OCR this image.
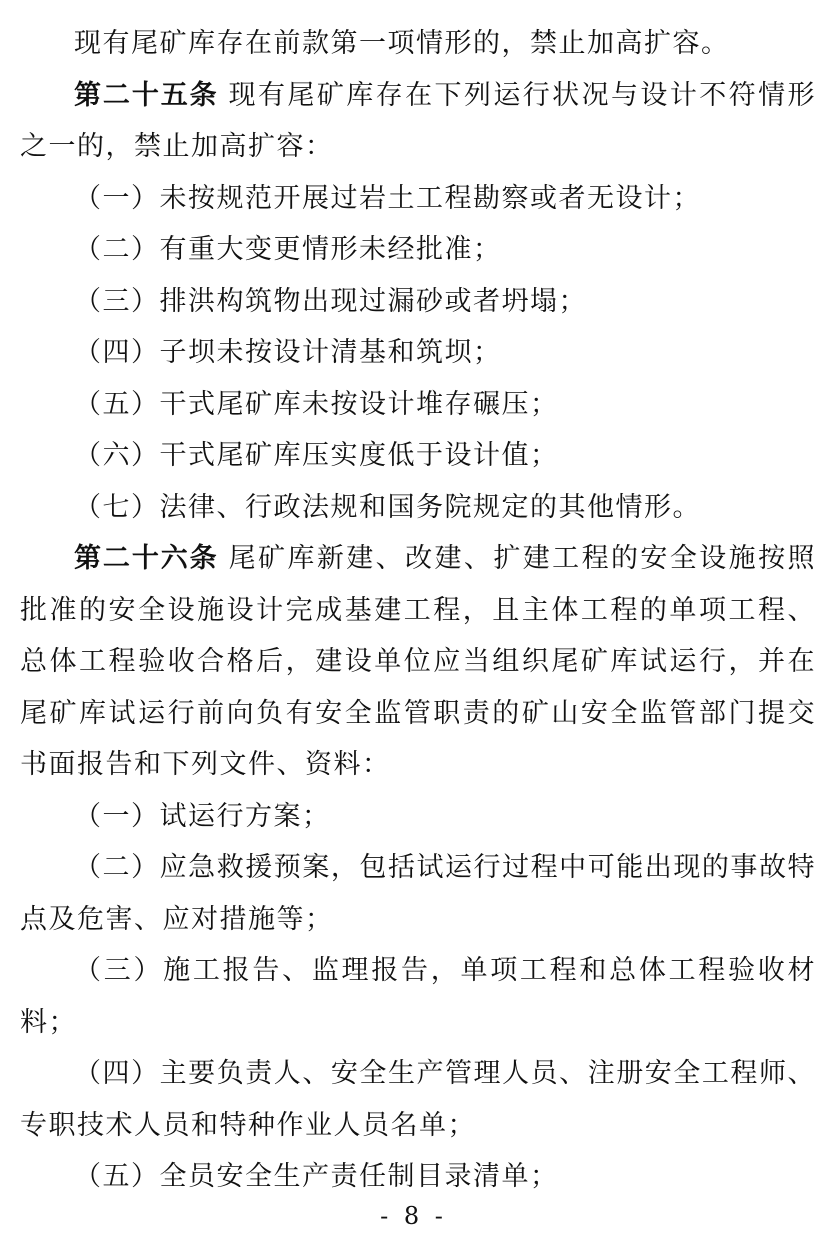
现有尾矿库存在前款第一项情形的，禁止加高扩容。

第二十五条 现有尾矿库存在下列运行状况与设计不符情形之一的，禁止加高扩容：

（一）未按规范开展过岩土工程勘察或者无设计；

（二）有重大变更情形未经批准；

（三）排洪构筑物出现过漏砂或者坍塌；

（四）子坝未按设计清基和筑坝；

（五）干式尾矿库未按设计堆存碾压；

（六）干式尾矿库压实度低于设计值；

（七）法律、行政法规和国务院规定的其他情形。

第二十六条 尾矿库新建、改建、扩建工程的安全设施按照批准的安全设施设计完成基建工程，且主体工程的单项工程、总体工程验收合格后，建设单位应当组织尾矿库试运行，并在尾矿库试运行前向负有安全监管职责的矿山安全监管部门提交书面报告和下列文件、资料：

（一）试运行方案；

（二）应急救援预案，包括试运行过程中可能出现的事故特点及危害、应对措施等；

（三）施工报告、监理报告，单项工程和总体工程验收材料；

（四）主要负责人、安全生产管理人员、注册安全工程师、专职技术人员和特种作业人员名单；

（五）全员安全生产责任制目录清单；

- 8 -
